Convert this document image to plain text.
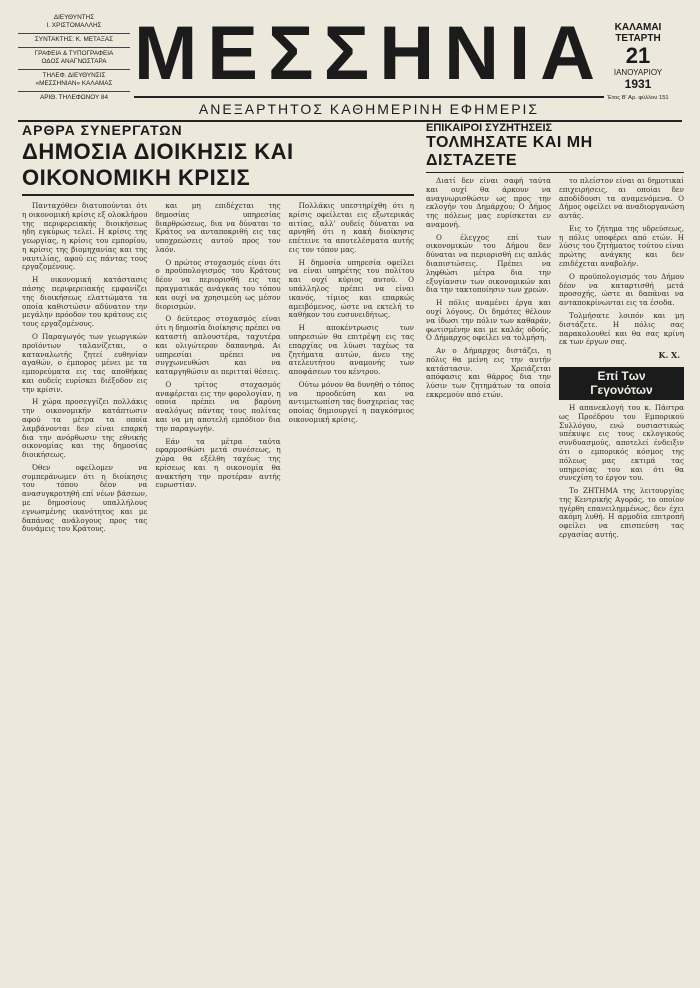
ΔΙΕΥΘΥΝΤΗΣ
Ι. ΧΡΙΣΤΟΜΑΛΛΗΣ
ΣΥΝΤΑΚΤΗΣ: Κ. ΜΕΤΑΞΑΣ
ΓΡΑΦΕΙΑ & ΤΥΠΟΓΡΑΦΕΙΑ
ΟΔΟΣ ΑΝΑΓΝΩΣΤΑΡΑ
ΤΗΛΕΦ. ΔΙΕΥΘΥΝΣΙΣ
«ΜΕΣΣΗΝΙΑΝ» ΚΑΛΑΜΑΣ
ΑΡΙΘ. ΤΗΛΕΦΩΝΟΥ 84
ΜΕΣΣΗΝΙΑ
ΑΝΕΞΑΡΤΗΤΟΣ ΚΑΘΗΜΕΡΙΝΗ ΕΦΗΜΕΡΙΣ
ΚΑΛΑΜΑΙ
ΤΕΤΑΡΤΗ
21
ΙΑΝΟΥΑΡΙΟΥ
1931
Έτος Β' Αρ. φύλλου 151
ΑΡΘΡΑ ΣΥΝΕΡΓΑΤΩΝ
ΔΗΜΟΣΙΑ ΔΙΟΙΚΗΣΙΣ ΚΑΙ ΟΙΚΟΝΟΜΙΚΗ ΚΡΙΣΙΣ

Πανταχόθεν διατυπούνται ότι η οικονομική κρίσις εξ ολοκλήρου της περιφερειακής διοικήσεως ηδη εγκύρως τελεί. Η κρίσις της γεωργίας, η κρίσις του εμπορίου, η κρίσις της βιομηχανίας και της ναυτιλίας, αφού εις πάντας τους εργαζομένους.

Η οικονομική κατάστασις πάσης περιφερειακής εμφανίζει της διοικήσεως ελαττώματα τα οποία καθιστώσιν αδύνατον την μεγάλην πρόοδον του κράτους εις τους εργαζομένους.

Ο Παραγωγός των γεωργικών προϊόντων ταλανίζεται, ο καταναλωτής ζητεί ευθηνίαν αγαθών, ο έμπορος μένει με τα εμπορεύματα εις τας αποθήκας και ουδείς ευρίσκει διέξοδον εις την κρίσιν.

Η χώρα προσεγγίζει πολλάκις την οικονομικήν κατάπτωσιν αφού τα μέτρα τα οποία λαμβάνονται δεν είναι επαρκή δια την ανόρθωσιν της εθνικής οικονομίας και της δημοσίας διοικήσεως.

Όθεν οφείλομεν να συμπεράνωμεν ότι η διοίκησις του τόπου δέον να ανασυγκροτηθή επί νέων βάσεων, με δημοσίους υπαλλήλους εγνωσμένης ικανότητος και με δαπάνας ανάλογους προς τας δυνάμεις του Κράτους.

και μη επιδέχεται της δημοσίας υπηρεσίας διαρθρώσεως, δια να δύναται το Κράτος να ανταποκριθή εις τας υποχρεώσεις αυτού προς τον λαόν.

Ο πρώτος στοχασμός είναι ότι ο προϋπολογισμός του Κράτους δέον να περιορισθή εις τας πραγματικάς ανάγκας του τόπου και ουχί να χρησιμεύη ως μέσον διορισμών.

Ο δεύτερος στοχασμός είναι ότι η δημοσία διοίκησις πρέπει να καταστή απλουστέρα, ταχυτέρα και ολιγώτερον δαπανηρά. Αι υπηρεσίαι πρέπει να συγχωνευθώσι και να καταργηθώσιν αι περιτταί θέσεις.

Ο τρίτος στοχασμός αναφέρεται εις την φορολογίαν, η οποία πρέπει να βαρύνη αναλόγως πάντας τους πολίτας και να μη αποτελή εμπόδιον δια την παραγωγήν.

Εάν τα μέτρα ταύτα εφαρμοσθώσι μετά συνέσεως, η χώρα θα εξέλθη ταχέως της κρίσεως και η οικονομία θα ανακτήση την προτέραν αυτής ευρωστίαν.

Πολλάκις υπεστηρίχθη ότι η κρίσις οφείλεται εις εξωτερικάς αιτίας, αλλ' ουδείς δύναται να αρνηθή ότι η κακή διοίκησις επέτεινε τα αποτελέσματα αυτής εις τον τόπον μας.

Η δημοσία υπηρεσία οφείλει να είναι υπηρέτης του πολίτου και ουχί κύριος αυτού. Ο υπάλληλος πρέπει να είναι ικανός, τίμιος και επαρκώς αμειβόμενος, ώστε να εκτελή το καθήκον του ευσυνειδήτως.

Η αποκέντρωσις των υπηρεσιών θα επιτρέψη εις τας επαρχίας να λύωσι ταχέως τα ζητήματα αυτών, άνευ της ατελευτήτου αναμονής των αποφάσεων του κέντρου.

Ούτω μόνον θα δυνηθή ο τόπος να προοδεύση και να αντιμετωπίση τας δυσχερείας τας οποίας δημιουργεί η παγκόσμιος οικονομική κρίσις.

ΕΠΙΚΑΙΡΟΙ ΣΥΖΗΤΗΣΕΙΣ
ΤΟΛΜΗΣΑΤΕ ΚΑΙ ΜΗ ΔΙΣΤΑΖΕΤΕ

Διατί δεν είναι σαφή ταύτα και ουχί θα άρκουν να αναγνωρισθώσιν ως προς την εκλογήν του Δημάρχου; Ο Δήμος της πόλεως μας ευρίσκεται εν αναμονή.

Ο έλεγχος επί των οικονομικών του Δήμου δεν δύναται να περιορισθή εις απλάς διαπιστώσεις. Πρέπει να ληφθώσι μέτρα δια την εξυγίανσιν των οικονομικών και δια την τακτοποίησιν των χρεών.

Η πόλις αναμένει έργα και ουχί λόγους. Οι δημότες θέλουν να ίδωσι την πόλιν των καθαράν, φωτισμένην και με καλάς οδούς. Ο Δήμαρχος οφείλει να τολμήση.

Αν ο Δήμαρχος διστάζει, η πόλις θα μείνη εις την αυτήν κατάστασιν. Χρειάζεται απόφασις και θάρρος δια την λύσιν των ζητημάτων τα οποία εκκρεμούν από ετών.

το πλείστον είναι αι δημοτικαί επιχειρήσεις, αι οποίαι δεν αποδίδουσι τα αναμενόμενα. Ο Δήμος οφείλει να αναδιοργανώση αυτάς.

Εις το ζήτημα της υδρεύσεως, η πόλις υποφέρει από ετών. Η λύσις του ζητήματος τούτου είναι πρώτης ανάγκης και δεν επιδέχεται αναβολήν.

Ο προϋπολογισμός του Δήμου δέον να καταρτισθή μετά προσοχής, ώστε αι δαπάναι να ανταποκρίνωνται εις τα έσοδα.

Τολμήσατε λοιπόν και μη διστάζετε. Η πόλις σας παρακολουθεί και θα σας κρίνη εκ των έργων σας.

Κ. Χ.
Επί Των Γεγονότων

Η απανεκλογή του κ. Πάστρα ως Προέδρου του Εμπορικού Συλλόγου, ενώ ουσιαστικώς υπέκυψε εις τους εκλογικούς συνδυασμούς, αποτελεί ένδειξιν ότι ο εμπορικός κόσμος της πόλεως μας εκτιμά τας υπηρεσίας του και ότι θα συνεχίση το έργον του.

Το ΖΗΤΗΜΑ της λειτουργίας της Κεντρικής Αγοράς, το οποίον ηγέρθη επανειλημμένως, δεν έχει ακόμη λυθή. Η αρμοδία επιτροπή οφείλει να επισπεύση τας εργασίας αυτής.
